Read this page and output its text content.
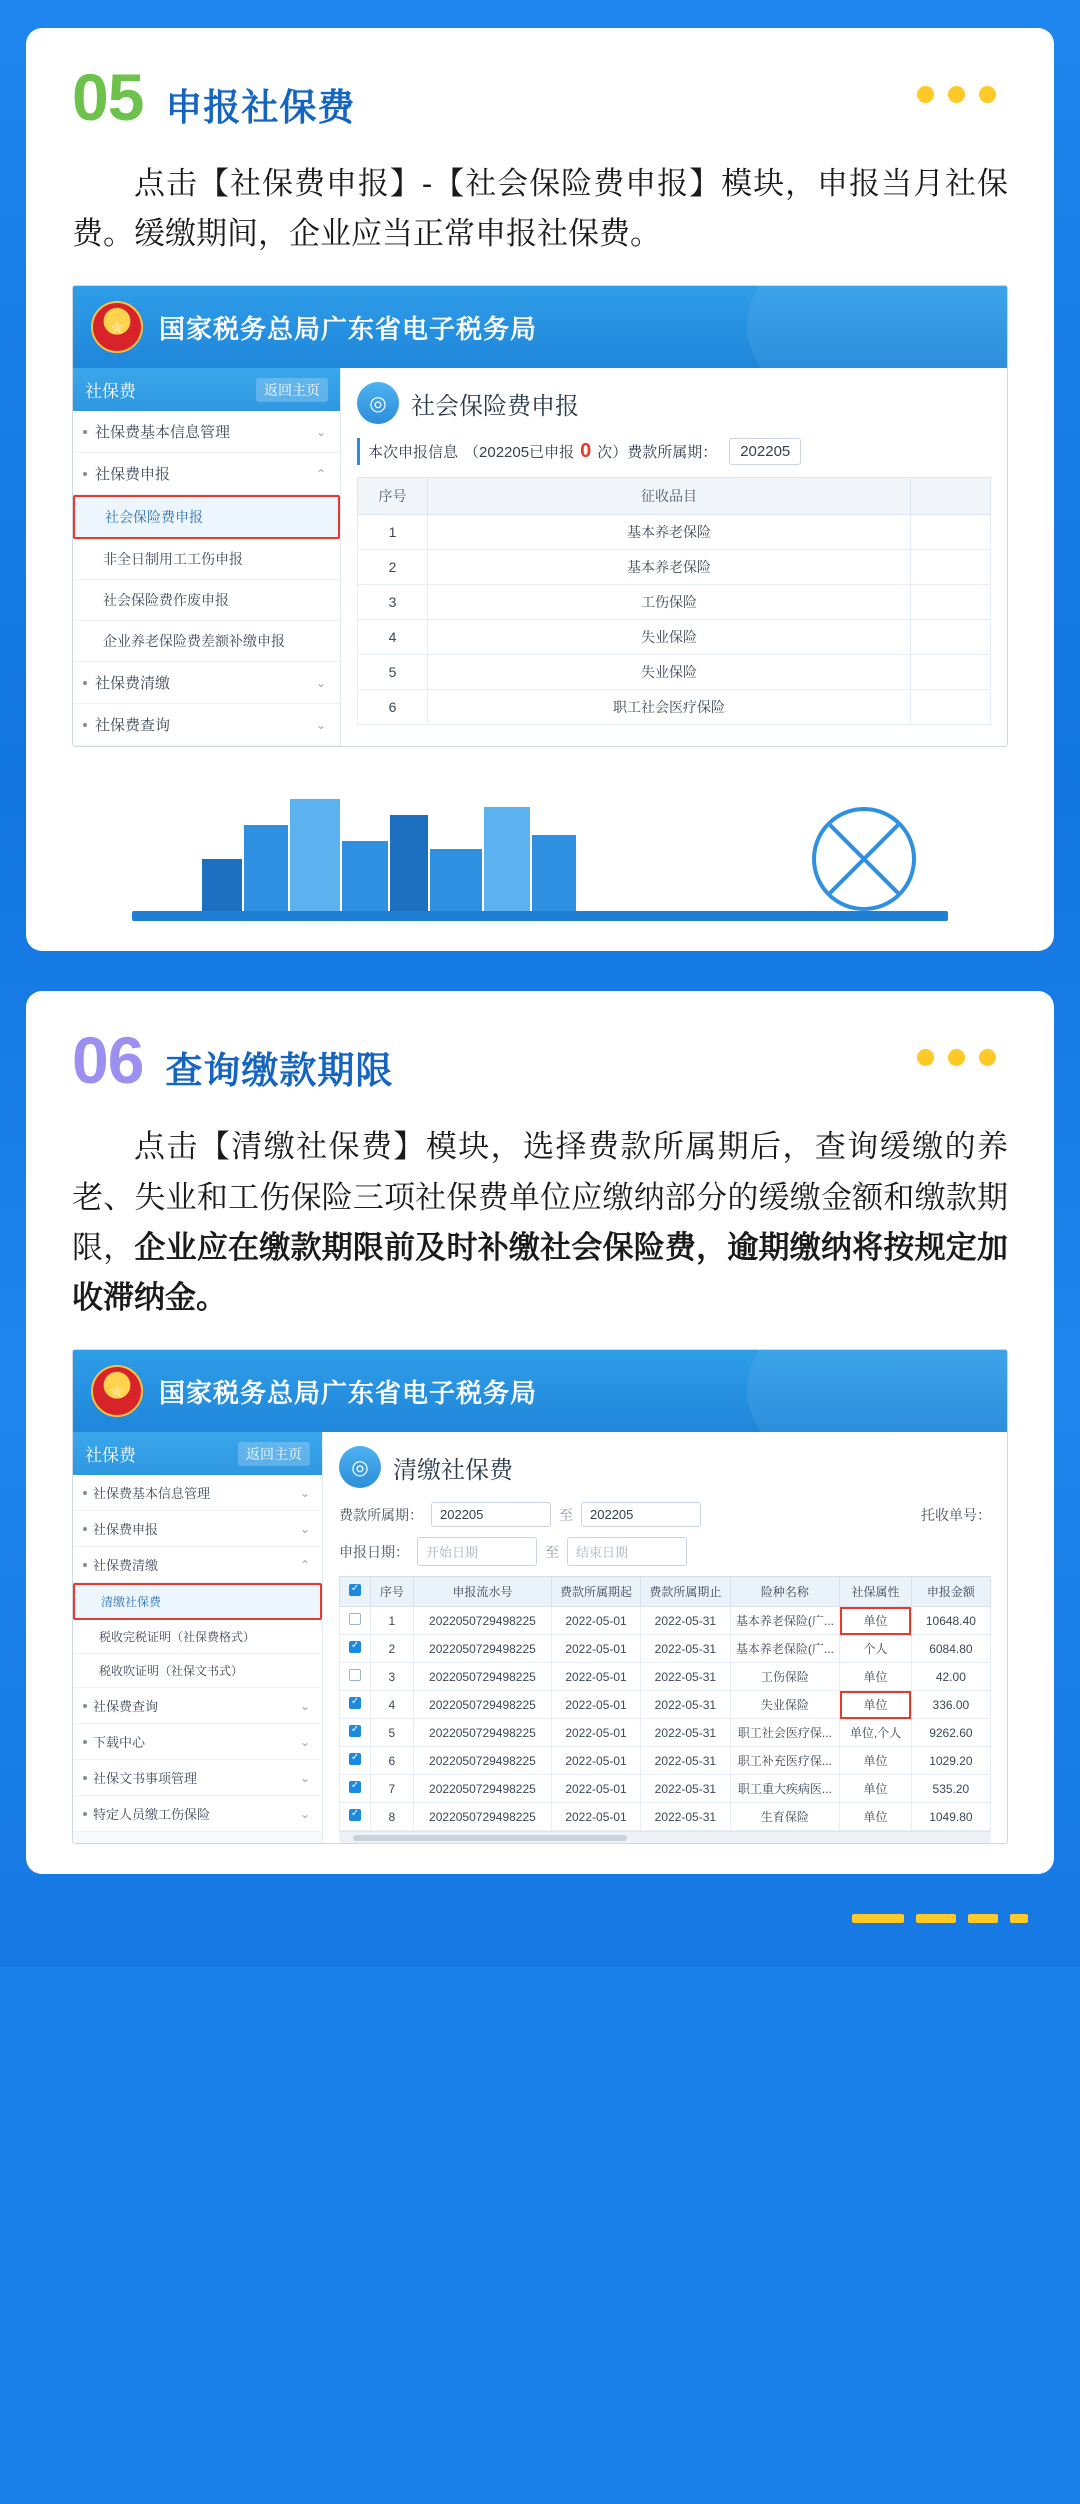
05 申报社保费
点击【社保费申报】-【社会保险费申报】模块，申报当月社保费。缓缴期间，企业应当正常申报社保费。
★
国家税务总局广东省电子税务局
社保费	返回主页
社保费基本信息管理	⌄
社保费申报	⌃
社会保险费申报
非全日制用工工伤申报
社会保险费作废申报
企业养老保险费差额补缴申报
社保费清缴	⌄
社保费查询	⌄
◎	社会保险费申报
本次申报信息 （202205已申报 0 次）费款所属期：	202205
序号	征收品目	
1	基本养老保险	
2	基本养老保险	
3	工伤保险	
4	失业保险	
5	失业保险	
6	职工社会医疗保险	
06 查询缴款期限
点击【清缴社保费】模块，选择费款所属期后，查询缓缴的养老、失业和工伤保险三项社保费单位应缴纳部分的缓缴金额和缴款期限，企业应在缴款期限前及时补缴社会保险费，逾期缴纳将按规定加收滞纳金。
★
国家税务总局广东省电子税务局
社保费	返回主页
社保费基本信息管理	⌄
社保费申报	⌄
社保费清缴	⌃
清缴社保费
税收完税证明（社保费格式）
税收吹证明（社保文书式）
社保费查询	⌄
下载中心	⌄
社保文书事项管理	⌄
特定人员缴工伤保险	⌄
◎	清缴社保费
费款所属期：	202205	至	202205	托收单号：
申报日期：	开始日期	至	结束日期
✓	序号	申报流水号	费款所属期起	费款所属期止	险种名称	社保属性	申报金额
	1	2022050729498225	2022-05-01	2022-05-31	基本养老保险(广...	单位	10648.40
✓	2	2022050729498225	2022-05-01	2022-05-31	基本养老保险(广...	个人	6084.80
	3	2022050729498225	2022-05-01	2022-05-31	工伤保险	单位	42.00
✓	4	2022050729498225	2022-05-01	2022-05-31	失业保险	单位	336.00
✓	5	2022050729498225	2022-05-01	2022-05-31	职工社会医疗保...	单位,个人	9262.60
✓	6	2022050729498225	2022-05-01	2022-05-31	职工补充医疗保...	单位	1029.20
✓	7	2022050729498225	2022-05-01	2022-05-31	职工重大疾病医...	单位	535.20
✓	8	2022050729498225	2022-05-01	2022-05-31	生育保险	单位	1049.80
